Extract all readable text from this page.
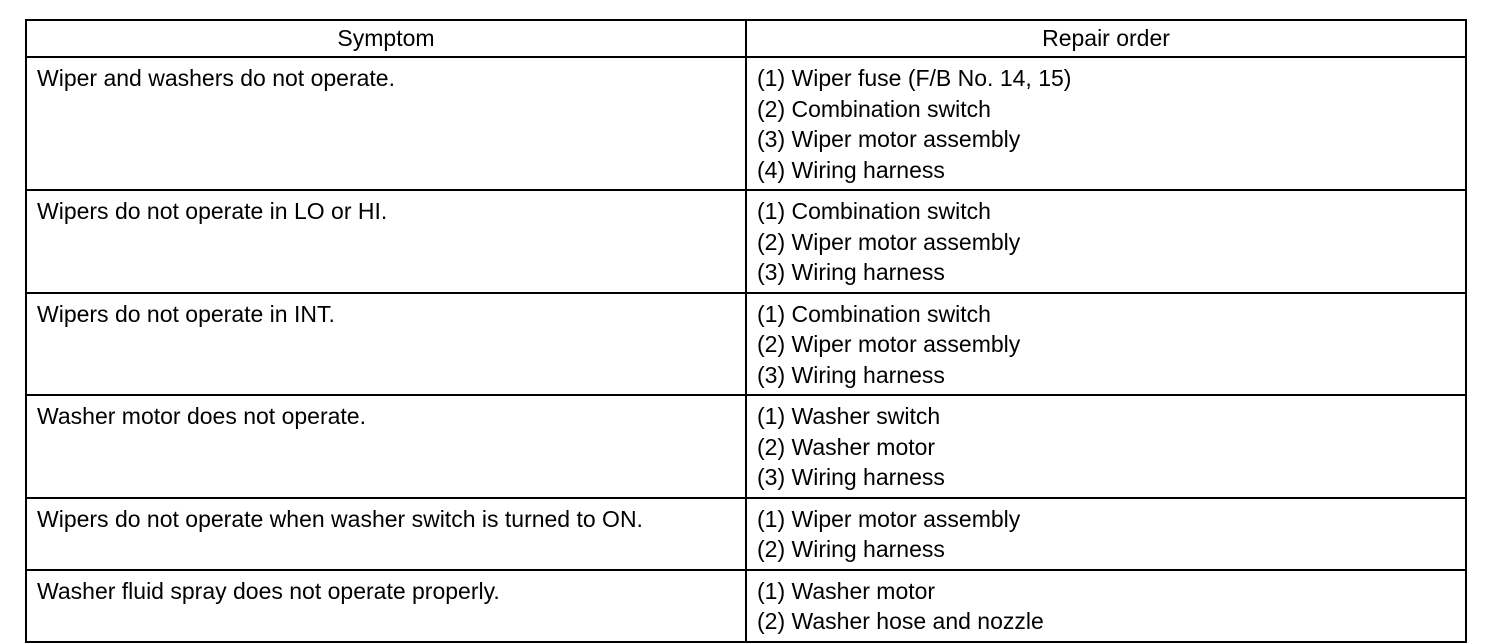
Symptom	Repair order
Wiper and washers do not operate.	(1) Wiper fuse (F/B No. 14, 15)
(2) Combination switch
(3) Wiper motor assembly
(4) Wiring harness

Wipers do not operate in LO or HI.	(1) Combination switch
(2) Wiper motor assembly
(3) Wiring harness

Wipers do not operate in INT.	(1) Combination switch
(2) Wiper motor assembly
(3) Wiring harness

Washer motor does not operate.	(1) Washer switch
(2) Washer motor
(3) Wiring harness

Wipers do not operate when washer switch is turned to ON.	(1) Wiper motor assembly
(2) Wiring harness

Washer fluid spray does not operate properly.	(1) Washer motor
(2) Washer hose and nozzle
